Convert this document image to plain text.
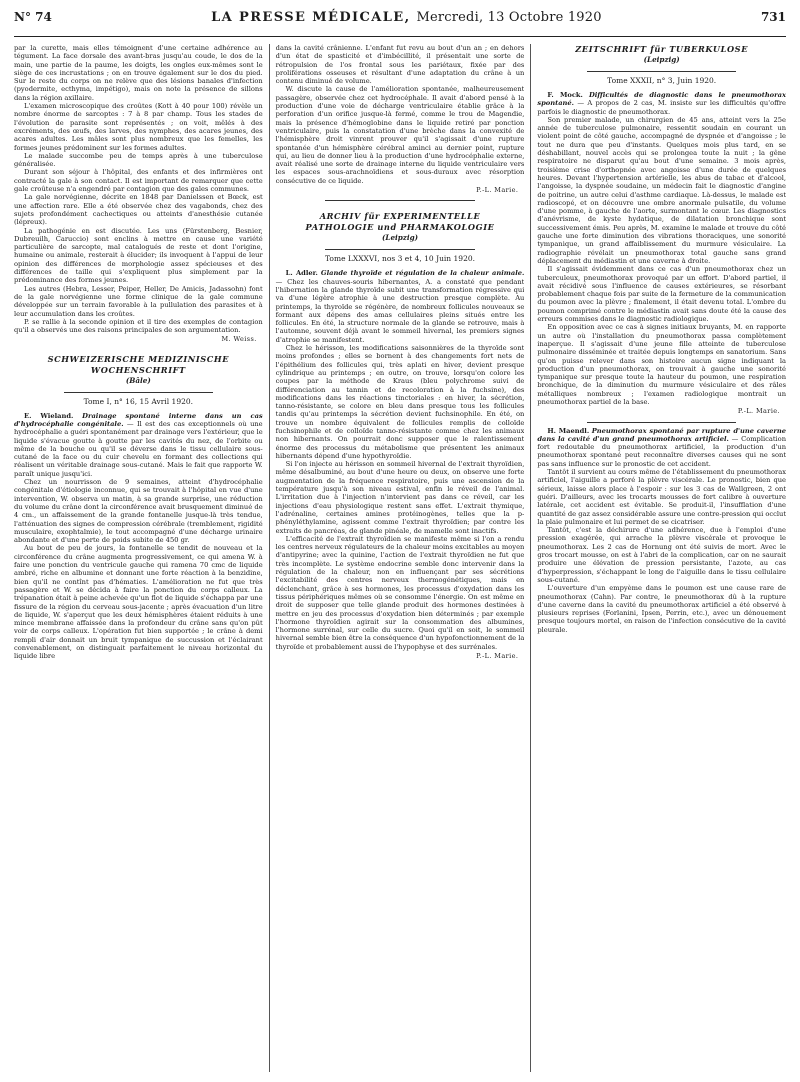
N° 74	LA PRESSE MÉDICALE, Mercredi, 13 Octobre 1920	731

par la curette, mais elles témoignent d'une certaine adhérence au tégument. La face dorsale des avant-bras jusqu'au coude, le dos de la main, une partie de la paume, les doigts, les ongles eux-mêmes sont le siège de ces incrustations ; on en trouve également sur le dos du pied. Sur le reste du corps on ne relève que des lésions banales d'infection (pyodermite, ecthyma, impétigo), mais on note la présence de sillons dans la région axillaire.

L'examen microscopique des croûtes (Kott à 40 pour 100) révèle un nombre énorme de sarcoptes : 7 à 8 par champ. Tous les stades de l'évolution de parasite sont représentés ; on voit, mêlés à des excréments, des œufs, des larves, des nymphes, des acares jeunes, des acares adultes. Les mâles sont plus nombreux que les femelles, les formes jeunes prédominent sur les formes adultes.

Le malade succombe peu de temps après à une tuberculose généralisée.

Durant son séjour à l'hôpital, des enfants et des infirmières ont contracté la gale à son contact. Il est important de remarquer que cette gale croûteuse n'a engendré par contagion que des gales communes.

La gale norvégienne, décrite en 1848 par Danielssen et Bœck, est une affection rare. Elle a été observée chez des vagabonds, chez des sujets profondément cachectiques ou atteints d'anesthésie cutanée (lépreux).

La pathogénie en est discutée. Les uns (Fürstenberg, Besnier, Dubreuilh, Caruccio) sont enclins à mettre en cause une variété particulière de sarcopte, mal catalogués de reste et dont l'origine, humaine ou animale, resterait à élucider; ils invoquent à l'appui de leur opinion des différences de morphologie assez spécieuses et des différences de taille qui s'expliquent plus simplement par la prédominance des formes jeunes.

Les autres (Hebra, Lesser, Peiper, Heller, De Amicis, Jadassohn) font de la gale norvégienne une forme clinique de la gale commune développée sur un terrain favorable à la pullulation des parasites et à leur accumulation dans les croûtes.

P. se rallie à la seconde opinion et il tire des exemples de contagion qu'il a observés une des raisons principales de son argumentation.

M. Weiss.
SCHWEIZERISCHE MEDIZINISCHE
WOCHENSCHRIFT
(Bâle)
Tome I, n° 16, 15 Avril 1920.

E. Wieland. Drainage spontané interne dans un cas d'hydrocéphalie congénitale. — Il est des cas exceptionnels où une hydrocéphalie a guéri spontanément par drainage vers l'extérieur, que le liquide s'évacue goutte à goutte par les cavités du nez, de l'orbite ou même de la bouche ou qu'il se déverse dans le tissu cellulaire sous-cutané de la face ou du cuir chevelu en formant des collections qui réalisent un véritable drainage sous-cutané. Mais le fait que rapporte W. paraît unique jusqu'ici.

Chez un nourrisson de 9 semaines, atteint d'hydrocéphalie congénitale d'étiologie inconnue, qui se trouvait à l'hôpital en vue d'une intervention, W. observa un matin, à sa grande surprise, une réduction du volume du crâne dont la circonférence avait brusquement diminué de 4 cm., un affaissement de la grande fontanelle jusque-là très tendue, l'atténuation des signes de compression cérébrale (tremblement, rigidité musculaire, exophtalmie), le tout accompagné d'une décharge urinaire abondante et d'une perte de poids subite de 450 gr.

Au bout de peu de jours, la fontanelle se tendit de nouveau et la circonférence du crâne augmenta progressivement, ce qui amena W. à faire une ponction du ventricule gauche qui ramena 70 cmc de liquide ambré, riche en albumine et donnant une forte réaction à la benzidine, bien qu'il ne contînt pas d'hématies. L'amélioration ne fut que très passagère et W. se décida à faire la ponction du corps calleux. La trépanation était à peine achevée qu'un flot de liquide s'échappa par une fissure de la région du cerveau sous-jacente ; après évacuation d'un litre de liquide, W. s'aperçut que les deux hémisphères étaient réduits à une mince membrane affaissée dans la profondeur du crâne sans qu'on pût voir de corps calleux. L'opération fut bien supportée ; le crâne à demi rempli d'air donnait un bruit tympanique de succussion et l'éclairant convenablement, on distinguait parfaitement le niveau horizontal du liquide libre

dans la cavité crânienne. L'enfant fut revu au bout d'un an ; en dehors d'un état de spasticité et d'imbécillité, il présentait une sorte de rétropulsion de l'os frontal sous les pariétaux, fixée par des proliférations osseuses et résultant d'une adaptation du crâne à un contenu diminué de volume.

W. discute la cause de l'amélioration spontanée, malheureusement passagère, observée chez cet hydrocéphale. Il avait d'abord pensé à la production d'une voie de décharge ventriculaire établie grâce à la perforation d'un orifice jusque-là fermé, comme le trou de Magendie, mais la présence d'hémoglobine dans le liquide retiré par ponction ventriculaire, puis la constatation d'une brèche dans la convexité de l'hémisphère droit vinrent prouver qu'il s'agissait d'une rupture spontanée d'un hémisphère cérébral aminci au dernier point, rupture qui, au lieu de donner lieu à la production d'une hydrocéphalie externe, avait réalisé une sorte de drainage interne du liquide ventriculaire vers les espaces sous-arachnoïdiens et sous-duraux avec résorption consécutive de ce liquide.

P.-L. Marie.
ARCHIV für EXPERIMENTELLE
PATHOLOGIE und PHARMAKOLOGIE
(Leipzig)
Tome LXXXVI, nos 3 et 4, 10 Juin 1920.

L. Adler. Glande thyroïde et régulation de la chaleur animale. — Chez les chauves-souris hibernantes, A. a constaté que pendant l'hibernation la glande thyroïde subit une transformation régressive qui va d'une légère atrophie à une destruction presque complète. Au printemps, la thyroïde se régénère, de nombreux follicules nouveaux se formant aux dépens des amas cellulaires pleins situés entre les follicules. En été, la structure normale de la glande se retrouve, mais à l'automne, souvent déjà avant le sommeil hivernal, les premiers signes d'atrophie se manifestent.

Chez le hérisson, les modifications saisonnières de la thyroïde sont moins profondes ; elles se bornent à des changements fort nets de l'épithélium des follicules qui, très aplati en hiver, devient presque cylindrique au printemps ; en outre, on trouve, lorsqu'on colore les coupes par la méthode de Kraus (bleu polychrome suivi de différenciation au tannin et de recoloration à la fuchsine), des modifications dans les réactions tinctoriales : en hiver, la sécrétion, tanno-résistante, se colore en bleu dans presque tous les follicules tandis qu'au printemps la sécrétion devient fuchsinophile. En été, on trouve un nombre équivalent de follicules remplis de colloïde fuchsinophile et de colloïde tanno-résistante comme chez les animaux non hibernants. On pourrait donc supposer que le ralentissement énorme des processus du métabolisme que présentent les animaux hibernants dépend d'une hypothyroïdie.

Si l'on injecte au hérisson en sommeil hivernal de l'extrait thyroïdien, même désalbuminé, au bout d'une heure ou deux, on observe une forte augmentation de la fréquence respiratoire, puis une ascension de la température jusqu'à son niveau estival, enfin le réveil de l'animal. L'irritation due à l'injection n'intervient pas dans ce réveil, car les injections d'eau physiologique restent sans effet. L'extrait thymique, l'adrénaline, certaines amines protéinogènes, telles que la p-phényléthylamine, agissent comme l'extrait thyroïdien; par contre les extraits de pancréas, de glande pinéale, de mamelle sont inactifs.

L'efficacité de l'extrait thyroïdien se manifeste même si l'on a rendu les centres nerveux régulateurs de la chaleur moins excitables au moyen d'antipyrine; avec la quinine, l'action de l'extrait thyroïdien ne fut que très incomplète. Le système endocrine semble donc intervenir dans la régulation de la chaleur, non en influençant par ses sécrétions l'excitabilité des centres nerveux thermogénétiques, mais en déclenchant, grâce à ses hormones, les processus d'oxydation dans les tissus périphériques mêmes où se consomme l'énergie. On est même en droit de supposer que telle glande produit des hormones destinées à mettre en jeu des processus d'oxydation bien déterminés ; par exemple l'hormone thyroïdien agirait sur la consommation des albumines, l'hormone surrénal, sur celle du sucre. Quoi qu'il en soit, le sommeil hivernal semble bien être la conséquence d'un hypofonctionnement de la thyroïde et probablement aussi de l'hypophyse et des surrénales.

P.-L. Marie.
ZEITSCHRIFT für TUBERKULOSE
(Leipzig)
Tome XXXII, n° 3, Juin 1920.

F. Mock. Difficultés de diagnostic dans le pneumothorax spontané. — A propos de 2 cas, M. insiste sur les difficultés qu'offre parfois le diagnostic de pneumothorax.

Son premier malade, un chirurgien de 45 ans, atteint vers la 25e année de tuberculose pulmonaire, ressentit soudain en courant un violent point de côté gauche, accompagné de dyspnée et d'angoisse ; le tout ne dura que peu d'instants. Quelques mois plus tard, en se déshabillant, nouvel accès qui se prolongea toute la nuit ; la gêne respiratoire ne disparut qu'au bout d'une semaine. 3 mois après, troisième crise d'orthopnée avec angoisse d'une durée de quelques heures. Devant l'hypertension artérielle, les abus de tabac et d'alcool, l'angoisse, la dyspnée soudaine, un médecin fait le diagnostic d'angine de poitrine, un autre celui d'asthme cardiaque. Là-dessus, le malade est radioscopé, et on découvre une ombre anormale pulsatile, du volume d'une pomme, à gauche de l'aorte, surmontant le cœur. Les diagnostics d'anévrisme, de kyste hydatique, de dilatation bronchique sont successivement émis. Peu après, M. examine le malade et trouve du côté gauche une forte diminution des vibrations thoraciques, une sonorité tympanique, un grand affaiblissement du murmure vésiculaire. La radiographie révélait un pneumothorax total gauche sans grand déplacement du médiastin et une caverne à droite.

Il s'agissait évidemment dans ce cas d'un pneumothorax chez un tuberculeux, pneumothorax provoqué par un effort. D'abord partiel, il avait récidivé sous l'influence de causes extérieures, se résorbant probablement chaque fois par suite de la fermeture de la communication du poumon avec la plèvre ; finalement, il était devenu total. L'ombre du poumon comprimé contre le médiastin avait sans doute été la cause des erreurs commises dans le diagnostic radiologique.

En opposition avec ce cas à signes initiaux bruyants, M. en rapporte un autre où l'installation du pneumothorax passa complètement inaperçue. Il s'agissait d'une jeune fille atteinte de tuberculose pulmonaire disséminée et traitée depuis longtemps en sanatorium. Sans qu'on puisse relever dans son histoire aucun signe indiquant la production d'un pneumothorax, on trouvait à gauche une sonorité tympanique sur presque toute la hauteur du poumon, une respiration bronchique, de la diminution du murmure vésiculaire et des râles métalliques nombreux ; l'examen radiologique montrait un pneumothorax partiel de la base.

P.-L. Marie.

H. Maendl. Pneumothorax spontané par rupture d'une caverne dans la cavité d'un grand pneumothorax artificiel. — Complication fort redoutable du pneumothorax artificiel, la production d'un pneumothorax spontané peut reconnaître diverses causes qui ne sont pas sans influence sur le pronostic de cet accident.

Tantôt il survient au cours même de l'établissement du pneumothorax artificiel, l'aiguille a perforé la plèvre viscérale. Le pronostic, bien que sérieux, laisse alors place à l'espoir : sur les 3 cas de Wallgreen, 2 ont guéri. D'ailleurs, avec les trocarts mousses de fort calibre à ouverture latérale, cet accident est évitable. Se produit-il, l'insufflation d'une quantité de gaz assez considérable assure une contre-pression qui occlut la plaie pulmonaire et lui permet de se cicatriser.

Tantôt, c'est la déchirure d'une adhérence, due à l'emploi d'une pression exagérée, qui arrache la plèvre viscérale et provoque le pneumothorax. Les 2 cas de Hornung ont été suivis de mort. Avec le gros trocart mousse, on est à l'abri de la complication, car on ne saurait produire une élévation de pression persistante, l'azote, au cas d'hyperpression, s'échappant le long de l'aiguille dans le tissu cellulaire sous-cutané.

L'ouverture d'un empyème dans le poumon est une cause rare de pneumothorax (Cahn). Par contre, le pneumothorax dû à la rupture d'une caverne dans la cavité du pneumothorax artificiel a été observé à plusieurs reprises (Forlanini, Ipsen, Perrin, etc.), avec un dénouement presque toujours mortel, en raison de l'infection consécutive de la cavité pleurale.
